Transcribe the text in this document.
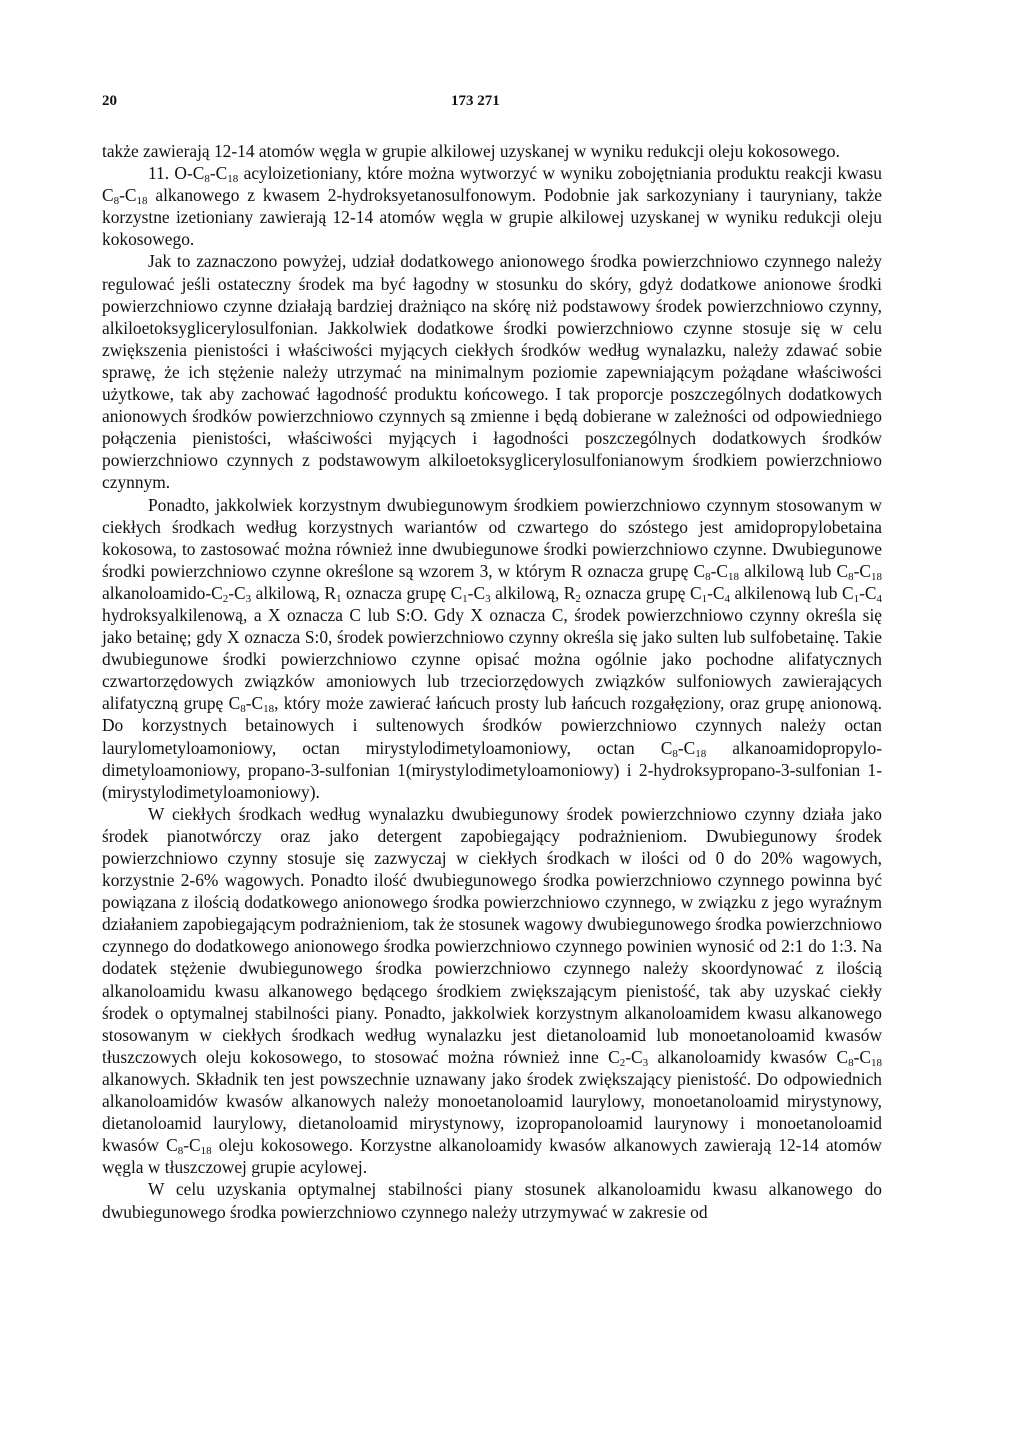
20	173 271

także zawierają 12-14 atomów węgla w grupie alkilowej uzyskanej w wyniku redukcji oleju kokosowego.

11. $O-C_8-C_{18}$ acyloizetioniany, które można wytworzyć w wyniku zobojętniania produktu reakcji kwasu $C_8-C_{18}$ alkanowego z kwasem 2-hydroksyetanosulfonowym. Podobnie jak sarkozyniany i tauryniany, także korzystne izetioniany zawierają 12-14 atomów węgla w grupie alkilowej uzyskanej w wyniku redukcji oleju kokosowego.

Jak to zaznaczono powyżej, udział dodatkowego anionowego środka powierzchniowo czynnego należy regulować jeśli ostateczny środek ma być łagodny w stosunku do skóry, gdyż dodatkowe anionowe środki powierzchniowo czynne działają bardziej drażniąco na skórę niż podstawowy środek powierzchniowo czynny, alkiloetoksyglicerylosulfonian. Jakkolwiek dodatkowe środki powierzchniowo czynne stosuje się w celu zwiększenia pienistości i właściwości myjących ciekłych środków według wynalazku, należy zdawać sobie sprawę, że ich stężenie należy utrzymać na minimalnym poziomie zapewniającym pożądane właściwości użytkowe, tak aby zachować łagodność produktu końcowego. I tak proporcje poszczególnych dodatkowych anionowych środków powierzchniowo czynnych są zmienne i będą dobierane w zależności od odpowiedniego połączenia pienistości, właściwości myjących i łagodności poszczególnych dodatkowych środków powierzchniowo czynnych z podstawowym alkiloetoksyglicerylosulfonianowym środkiem powierzchniowo czynnym.

Ponadto, jakkolwiek korzystnym dwubiegunowym środkiem powierzchniowo czynnym stosowanym w ciekłych środkach według korzystnych wariantów od czwartego do szóstego jest amidopropylobetaina kokosowa, to zastosować można również inne dwubiegunowe środki powierzchniowo czynne. Dwubiegunowe środki powierzchniowo czynne określone są wzorem 3, w którym R oznacza grupę $C_8-C_{18}$ alkilową lub $C_8-C_{18}$ alkanoloamido-$C_2-C_3$ alkilową, $R_1$ oznacza grupę $C_1-C_3$ alkilową, $R_2$ oznacza grupę $C_1-C_4$ alkilenową lub $C_1-C_4$ hydroksyalkilenową, a X oznacza C lub S:O. Gdy X oznacza C, środek powierzchniowo czynny określa się jako betainę; gdy X oznacza S:0, środek powierzchniowo czynny określa się jako sulten lub sulfobetainę. Takie dwubiegunowe środki powierzchniowo czynne opisać można ogólnie jako pochodne alifatycznych czwartorzędowych związków amoniowych lub trzeciorzędowych związków sulfoniowych zawierających alifatyczną grupę $C_8-C_{18}$, który może zawierać łańcuch prosty lub łańcuch rozgałęziony, oraz grupę anionową. Do korzystnych betainowych i sultenowych środków powierzchniowo czynnych należy octan laurylometyloamoniowy, octan mirystylodimetyloamoniowy, octan $C_8-C_{18}$ alkanoamidopropylodimetyloamoniowy, propano-3-sulfonian 1(mirystylodimetyloamoniowy) i 2-hydroksypropano-3-sulfonian 1-(mirystylodimetyloamoniowy).

W ciekłych środkach według wynalazku dwubiegunowy środek powierzchniowo czynny działa jako środek pianotwórczy oraz jako detergent zapobiegający podrażnieniom. Dwubiegunowy środek powierzchniowo czynny stosuje się zazwyczaj w ciekłych środkach w ilości od 0 do 20% wagowych, korzystnie 2-6% wagowych. Ponadto ilość dwubiegunowego środka powierzchniowo czynnego powinna być powiązana z ilością dodatkowego anionowego środka powierzchniowo czynnego, w związku z jego wyraźnym działaniem zapobiegającym podrażnieniom, tak że stosunek wagowy dwubiegunowego środka powierzchniowo czynnego do dodatkowego anionowego środka powierzchniowo czynnego powinien wynosić od 2:1 do 1:3. Na dodatek stężenie dwubiegunowego środka powierzchniowo czynnego należy skoordynować z ilością alkanoloamidu kwasu alkanowego będącego środkiem zwiększającym pienistość, tak aby uzyskać ciekły środek o optymalnej stabilności piany. Ponadto, jakkolwiek korzystnym alkanoloamidem kwasu alkanowego stosowanym w ciekłych środkach według wynalazku jest dietanoloamid lub monoetanoloamid kwasów tłuszczowych oleju kokosowego, to stosować można również inne $C_2-C_3$ alkanoloamidy kwasów $C_8-C_{18}$ alkanowych. Składnik ten jest powszechnie uznawany jako środek zwiększający pienistość. Do odpowiednich alkanoloamidów kwasów alkanowych należy monoetanoloamid laurylowy, monoetanoloamid mirystynowy, dietanoloamid laurylowy, dietanoloamid mirystynowy, izopropanoloamid laurynowy i monoetanoloamid kwasów $C_8-C_{18}$ oleju kokosowego. Korzystne alkanoloamidy kwasów alkanowych zawierają 12-14 atomów węgla w tłuszczowej grupie acylowej.

W celu uzyskania optymalnej stabilności piany stosunek alkanoloamidu kwasu alkanowego do dwubiegunowego środka powierzchniowo czynnego należy utrzymywać w zakresie od
